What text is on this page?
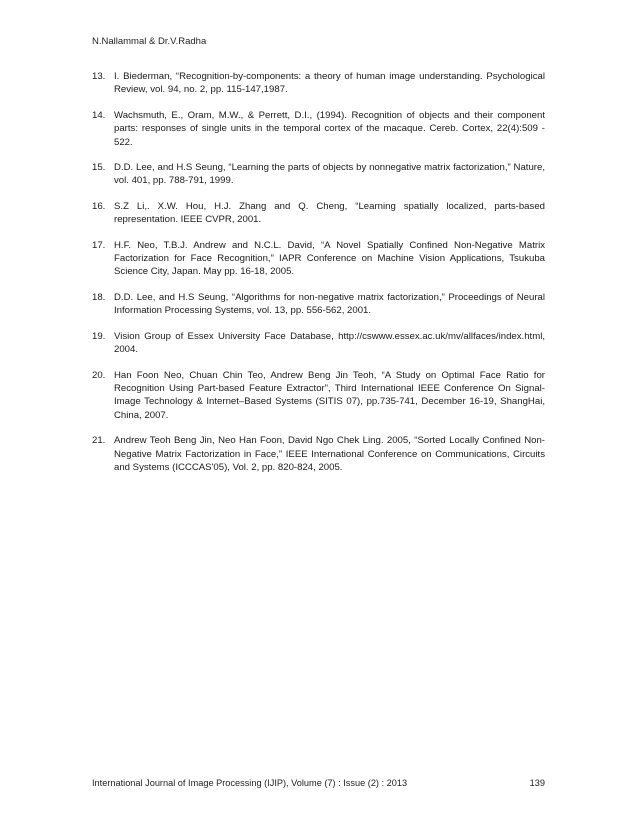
N.Nallammal & Dr.V.Radha
13. I. Biederman, “Recognition-by-components: a theory of human image understanding. Psychological Review, vol. 94, no. 2, pp. 115-147,1987.
14. Wachsmuth, E., Oram, M.W., & Perrett, D.I., (1994). Recognition of objects and their component parts: responses of single units in the temporal cortex of the macaque. Cereb. Cortex, 22(4):509 - 522.
15. D.D. Lee, and H.S Seung, “Learning the parts of objects by nonnegative matrix factorization,” Nature, vol. 401, pp. 788-791, 1999.
16. S.Z Li,. X.W. Hou, H.J. Zhang and Q. Cheng, “Learning spatially localized, parts-based representation. IEEE CVPR, 2001.
17. H.F. Neo, T.B.J. Andrew and N.C.L. David, “A Novel Spatially Confined Non-Negative Matrix Factorization for Face Recognition,” IAPR Conference on Machine Vision Applications, Tsukuba Science City, Japan. May pp. 16-18, 2005.
18. D.D. Lee, and H.S Seung, “Algorithms for non-negative matrix factorization,” Proceedings of Neural Information Processing Systems, vol. 13, pp. 556-562, 2001.
19. Vision Group of Essex University Face Database, http://cswww.essex.ac.uk/mv/allfaces/index.html, 2004.
20. Han Foon Neo, Chuan Chin Teo, Andrew Beng Jin Teoh, “A Study on Optimal Face Ratio for Recognition Using Part-based Feature Extractor”, Third International IEEE Conference On Signal-Image Technology & Internet–Based Systems (SITIS 07), pp.735-741, December 16-19, ShangHai, China, 2007.
21. Andrew Teoh Beng Jin, Neo Han Foon, David Ngo Chek Ling. 2005, “Sorted Locally Confined Non-Negative Matrix Factorization in Face,” IEEE International Conference on Communications, Circuits and Systems (ICCCAS'05), Vol. 2, pp. 820-824, 2005.
International Journal of Image Processing (IJIP), Volume (7) : Issue (2) : 2013	139
